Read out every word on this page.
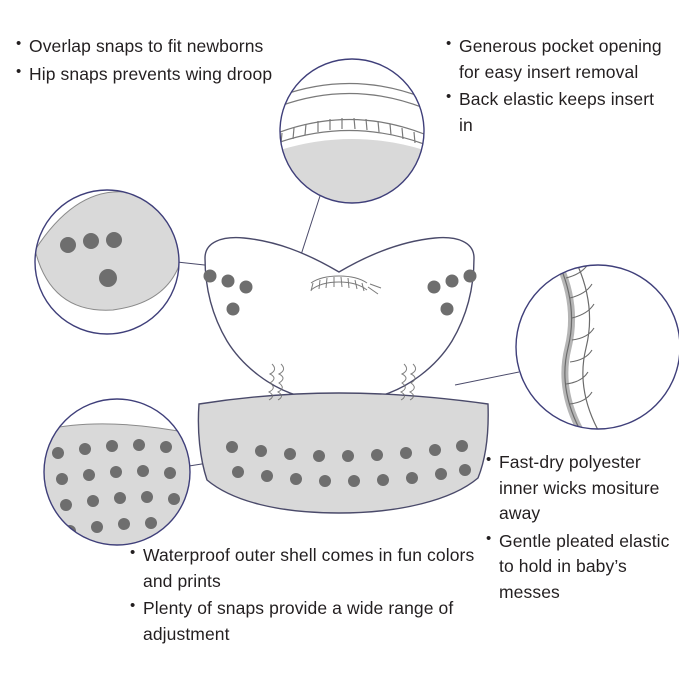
• Overlap snaps to fit newborns
• Hip snaps prevents wing droop
• Generous pocket opening for easy insert removal
• Back elastic keeps insert in
• Fast-dry polyester inner wicks mositure away
• Gentle pleated elastic to hold in baby’s messes
• Waterproof outer shell comes in fun colors and prints
• Plenty of snaps provide a wide range of adjustment
